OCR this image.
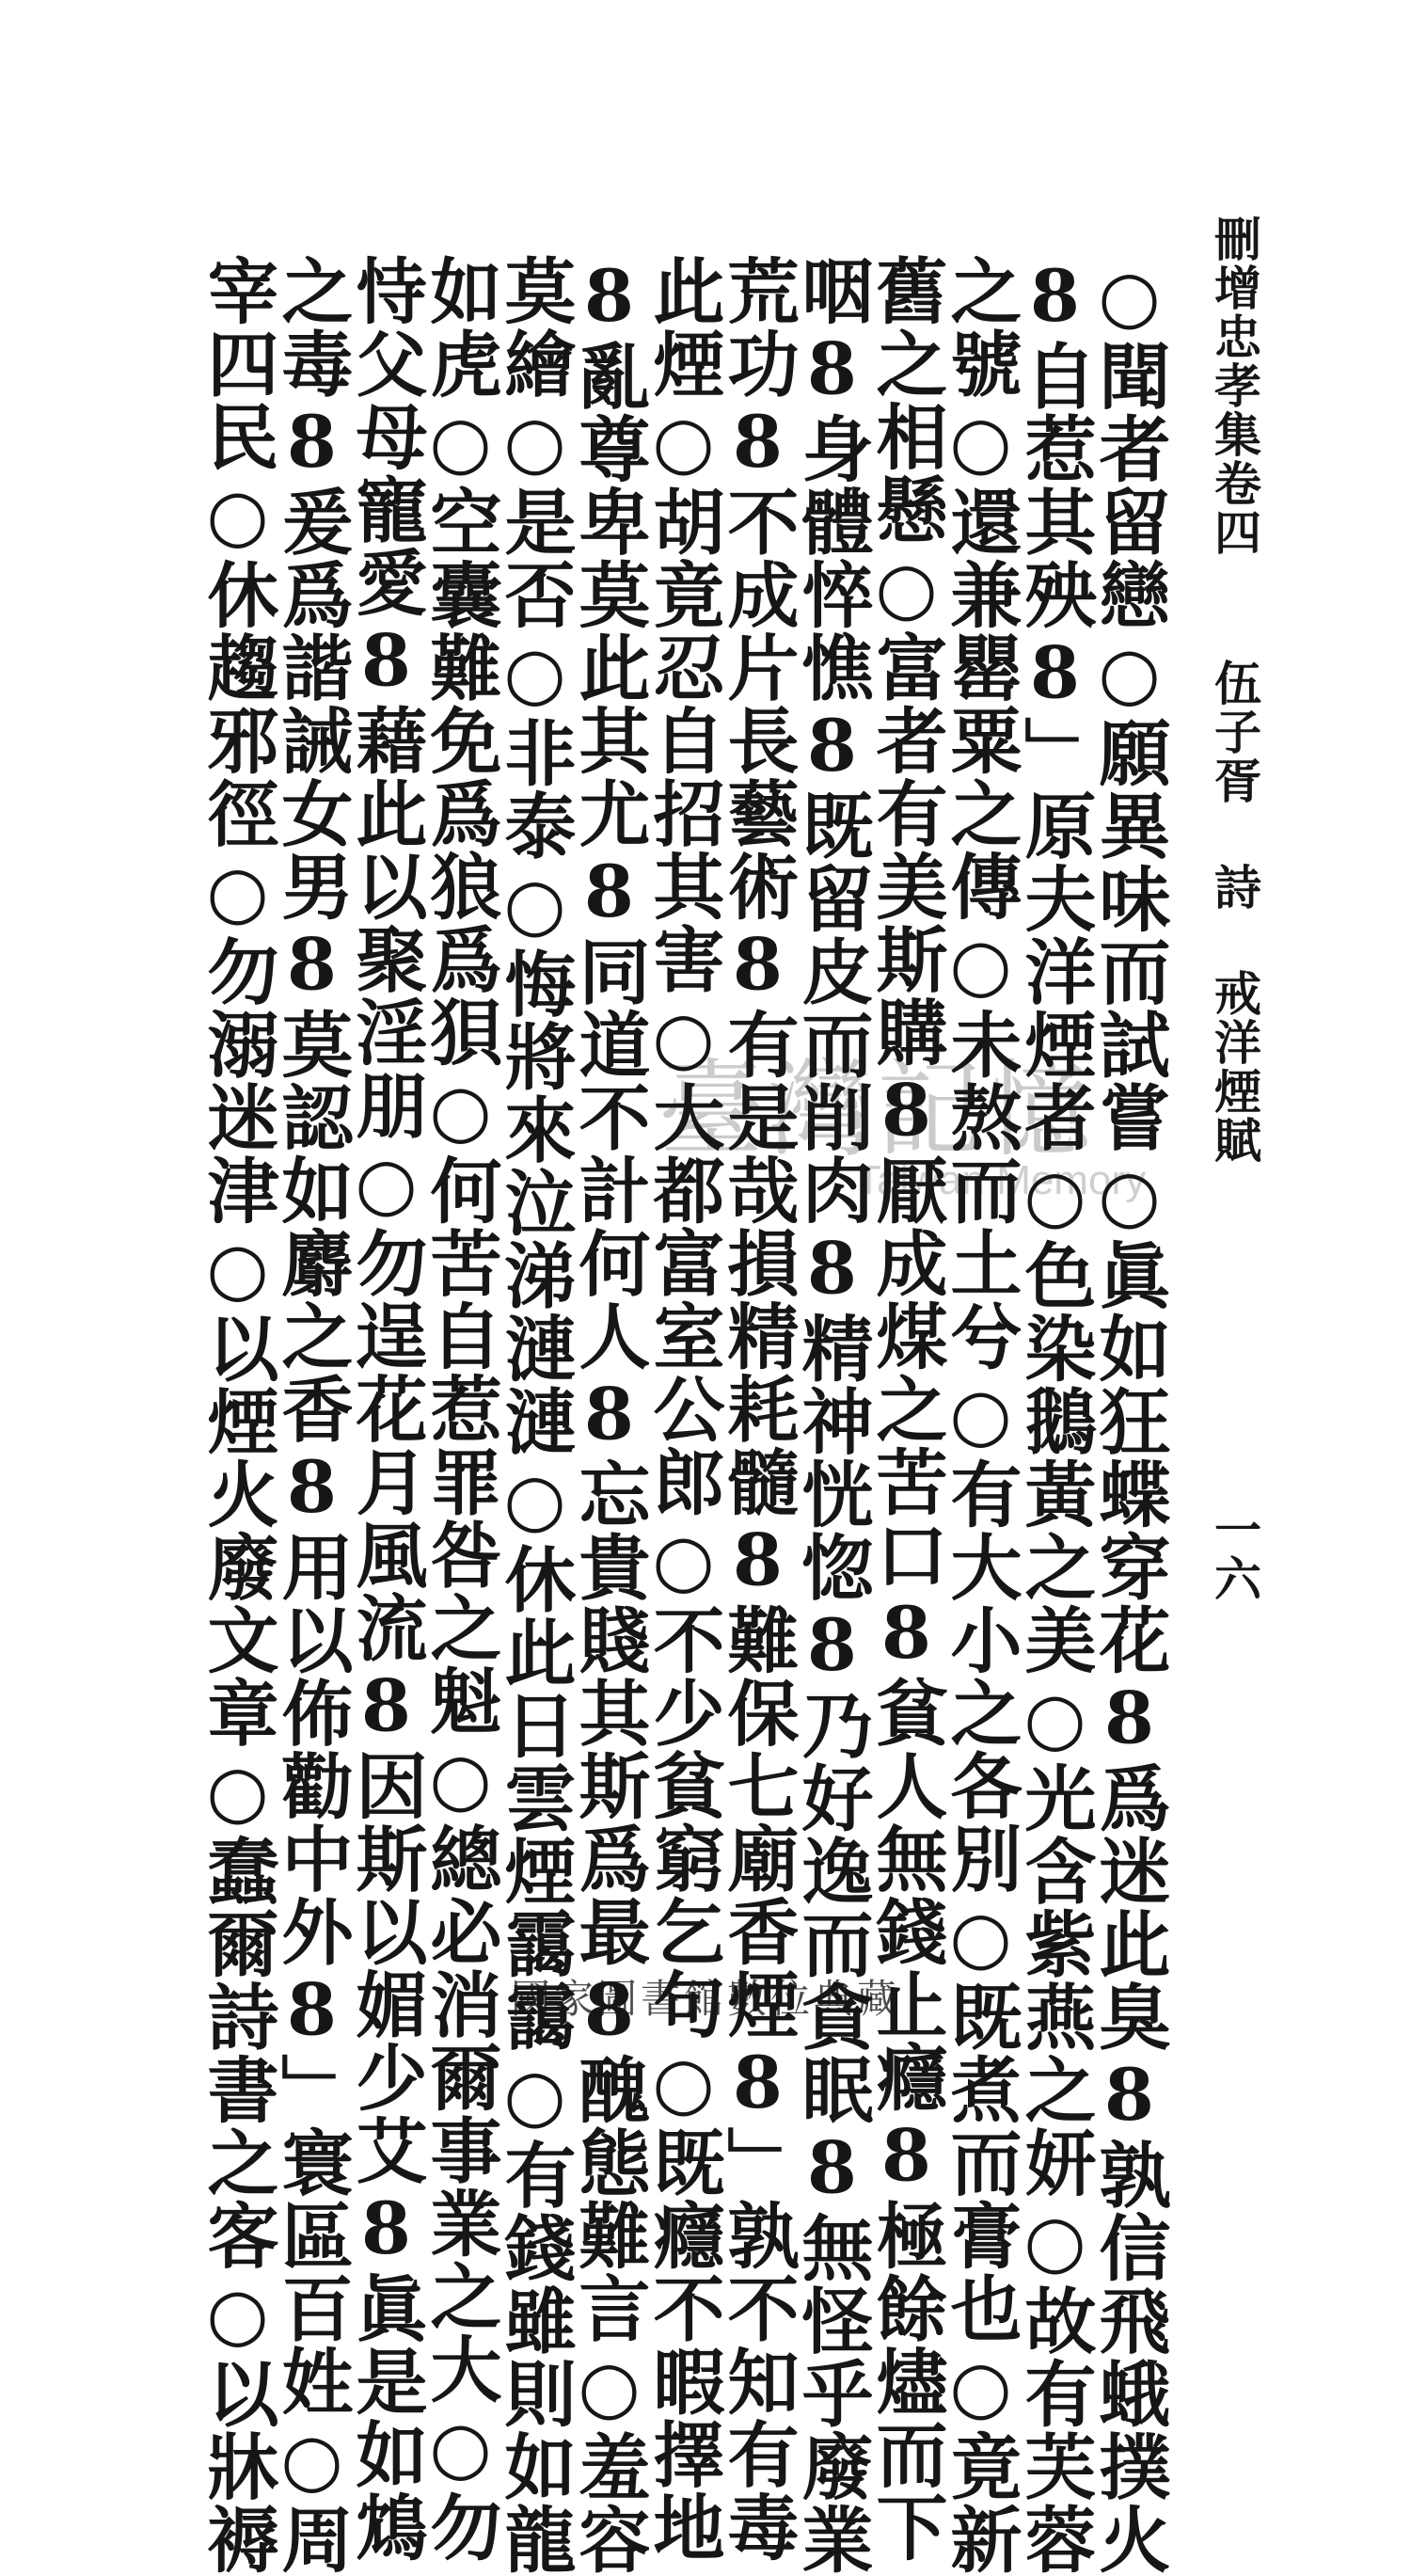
刪增忠孝集卷四
伍子胥 詩 戒洋煙賦
一六
臺灣記憶
Taiwan Memory
國家圖書館數位典藏	○聞者留戀○願異味而試嘗○眞如狂蝶穿花8爲迷此臭8孰信飛蛾撲火
8自惹其殃8」原夫洋煙者○色染鵝黃之美○光含紫燕之妍○故有芙蓉
之號○還兼罌粟之傳○未熬而土兮○有大小之各別○既煮而膏也○竟新
舊之相懸○富者有美斯購8厭成煤之苦口8貧人無錢止癮8極餘燼而下
咽8身體悴憔8既留皮而削肉8精神恍惚8乃好逸而貪眠8無怪乎廢業
荒功8不成片長藝術8有是哉損精耗髓8難保七廟香煙8」孰不知有毒
此煙○胡竟忍自招其害○大都富室公郎○不少貧窮乞句○既癮不暇擇地
8亂尊卑莫此其尤8同道不計何人8忘貴賤其斯爲最8醜態難言○羞容
莫繪○是否○非泰○悔將來泣涕漣漣○休此日雲煙靄靄○有錢雖則如龍
如虎○空囊難免爲狼爲狽○何苦自惹罪咎之魁○總必消爾事業之大○勿
恃父母寵愛8藉此以聚淫朋○勿逞花月風流8因斯以媚少艾8眞是如鴆
之毒8爰爲諧誡女男8莫認如麝之香8用以佈勸中外8」寰區百姓○周
宰四民○休趨邪徑○勿溺迷津○以煙火廢文章○蠢爾詩書之客○以牀褥
